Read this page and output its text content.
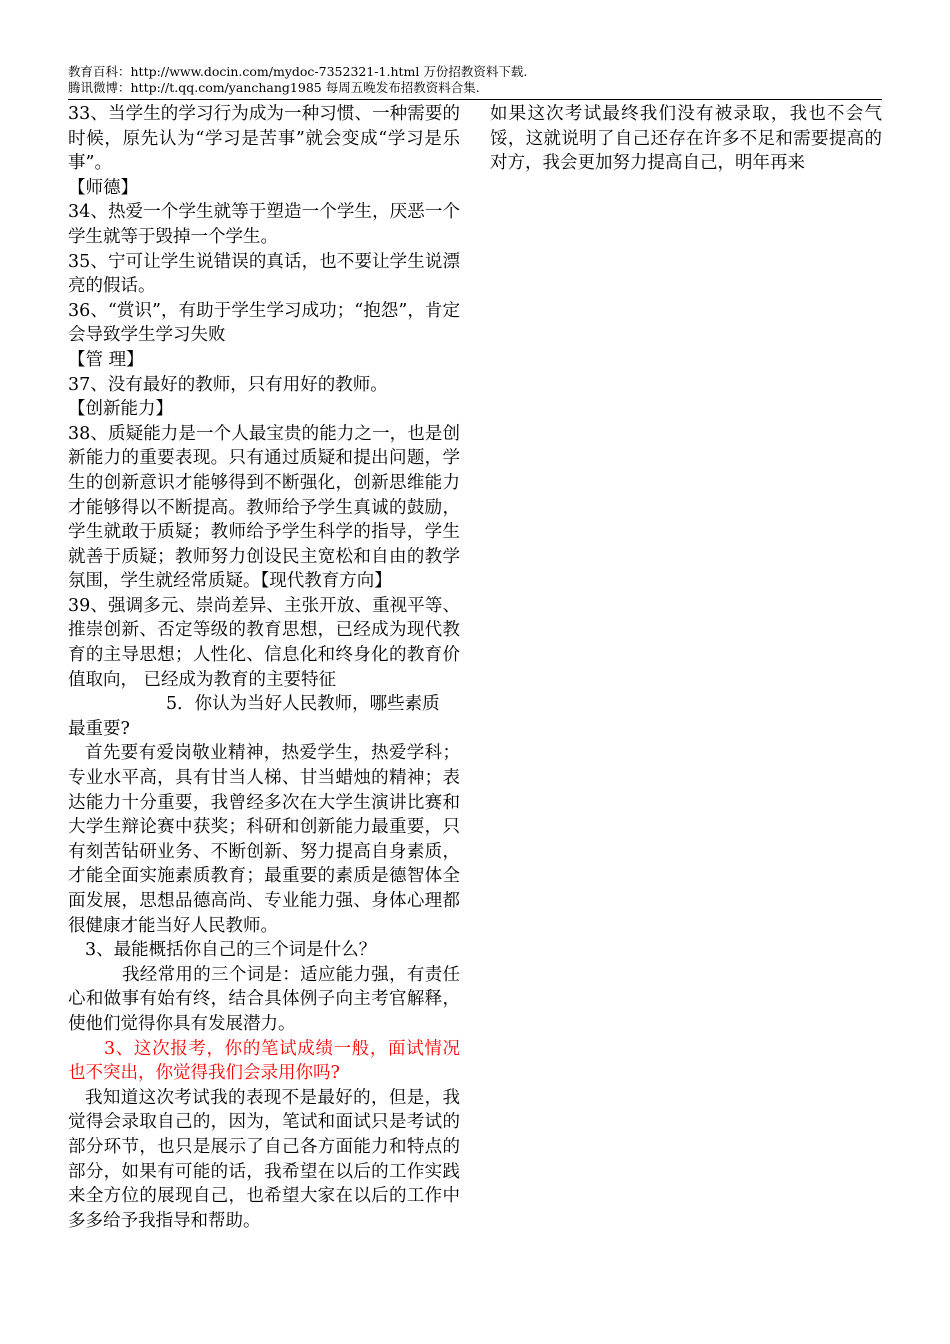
教育百科：http://www.docin.com/mydoc-7352321-1.html 万份招教资料下载.
腾讯微博：http://t.qq.com/yanchang1985 每周五晚发布招教资料合集.

33、当学生的学习行为成为一种习惯、一种需要的时候，原先认为“学习是苦事”就会变成“学习是乐事”。

【师德】

34、热爱一个学生就等于塑造一个学生，厌恶一个学生就等于毁掉一个学生。

35、宁可让学生说错误的真话，也不要让学生说漂亮的假话。

36、“赏识”，有助于学生学习成功；“抱怨”，肯定会导致学生学习失败

【管 理】

37、没有最好的教师，只有用好的教师。

【创新能力】

38、质疑能力是一个人最宝贵的能力之一，也是创新能力的重要表现。只有通过质疑和提出问题，学生的创新意识才能够得到不断强化，创新思维能力才能够得以不断提高。教师给予学生真诚的鼓励，学生就敢于质疑；教师给予学生科学的指导，学生就善于质疑；教师努力创设民主宽松和自由的教学氛围，学生就经常质疑。【现代教育方向】

39、强调多元、崇尚差异、主张开放、重视平等、推崇创新、否定等级的教育思想，已经成为现代教育的主导思想；人性化、信息化和终身化的教育价值取向， 已经成为教育的主要特征

5．你认为当好人民教师，哪些素质

最重要?

首先要有爱岗敬业精神，热爱学生，热爱学科；专业水平高，具有甘当人梯、甘当蜡烛的精神；表达能力十分重要，我曾经多次在大学生演讲比赛和大学生辩论赛中获奖；科研和创新能力最重要，只有刻苦钻研业务、不断创新、努力提高自身素质，才能全面实施素质教育；最重要的素质是德智体全面发展，思想品德高尚、专业能力强、身体心理都很健康才能当好人民教师。

3、最能概括你自己的三个词是什么？

我经常用的三个词是：适应能力强，有责任心和做事有始有终，结合具体例子向主考官解释，使他们觉得你具有发展潜力。

3、这次报考，你的笔试成绩一般，面试情况也不突出，你觉得我们会录用你吗?

我知道这次考试我的表现不是最好的，但是，我觉得会录取自己的，因为，笔试和面试只是考试的部分环节，也只是展示了自己各方面能力和特点的部分，如果有可能的话，我希望在以后的工作实践来全方位的展现自己，也希望大家在以后的工作中多多给予我指导和帮助。

如果这次考试最终我们没有被录取，我也不会气馁，这就说明了自己还存在许多不足和需要提高的对方，我会更加努力提高自己，明年再来
